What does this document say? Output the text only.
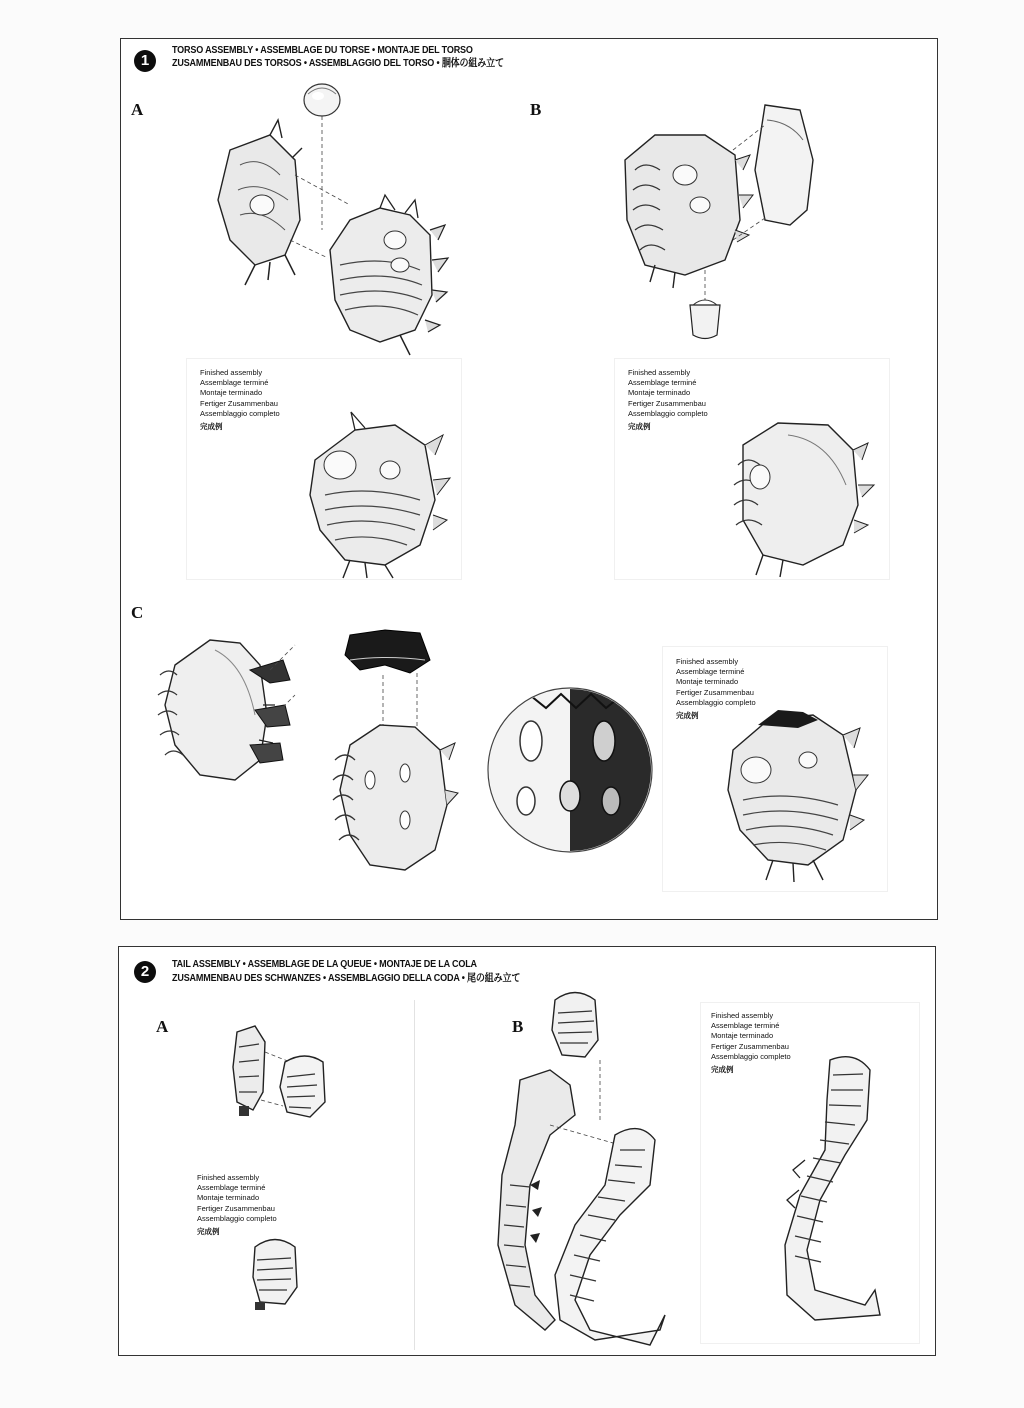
1
TORSO ASSEMBLY • ASSEMBLAGE DU TORSE • MONTAJE DEL TORSO
ZUSAMMENBAU DES TORSOS • ASSEMBLAGGIO DEL TORSO • 胴体の組み立て
A	B
C
Finished assembly
Assemblage terminé
Montaje terminado
Fertiger Zusammenbau
Assemblaggio completo
完成例
Finished assembly
Assemblage terminé
Montaje terminado
Fertiger Zusammenbau
Assemblaggio completo
完成例
Finished assembly
Assemblage terminé
Montaje terminado
Fertiger Zusammenbau
Assemblaggio completo
完成例
2	TAIL ASSEMBLY • ASSEMBLAGE DE LA QUEUE • MONTAJE DE LA COLA
ZUSAMMENBAU DES SCHWANZES • ASSEMBLAGGIO DELLA CODA • 尾の組み立て
A	B
Finished assembly
Assemblage terminé
Montaje terminado
Fertiger Zusammenbau
Assemblaggio completo
完成例
Finished assembly
Assemblage terminé
Montaje terminado
Fertiger Zusammenbau
Assemblaggio completo
完成例
